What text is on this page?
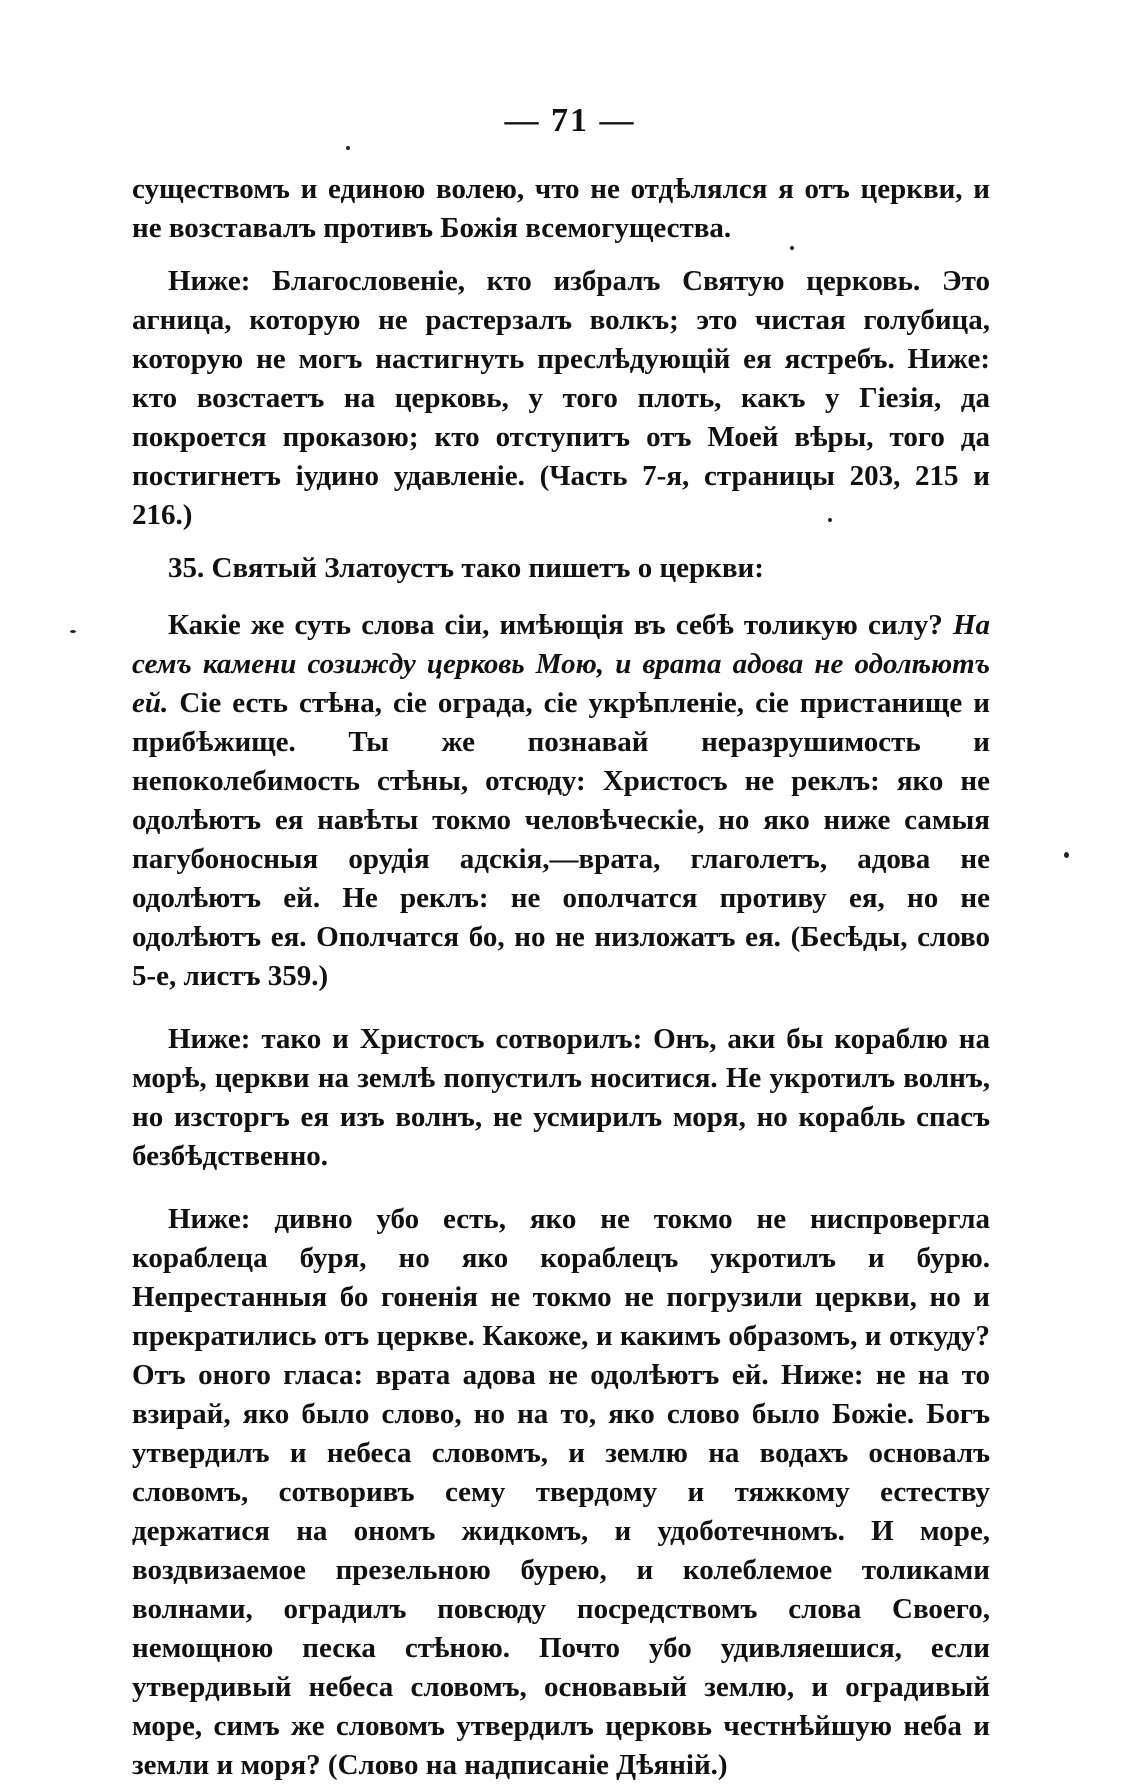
— 71 —

существомъ и единою волею, что не отдѣлялся я отъ церкви, и не возставалъ противъ Божія всемогущества.

Ниже: Благословеніе, кто избралъ Святую церковь. Это агница, которую не растерзалъ волкъ; это чистая голубица, которую не могъ настигнуть преслѣдующій ея ястребъ. Ниже: кто возстаетъ на церковь, у того плоть, какъ у Гіезія, да покроется проказою; кто отступитъ отъ Моей вѣры, того да постигнетъ іудино удавленіе. (Часть 7-я, страницы 203, 215 и 216.)

35. Святый Златоустъ тако пишетъ о церкви:

Какіе же суть слова сіи, имѣющія въ себѣ толикую силу? На семъ камени созижду церковь Мою, и врата адова не одолѣютъ ей. Сіе есть стѣна, сіе ограда, сіе укрѣпленіе, сіе пристанище и прибѣжище. Ты же познавай неразрушимость и непоколебимость стѣны, отсюду: Христосъ не реклъ: яко не одолѣютъ ея навѣты токмо человѣческіе, но яко ниже самыя пагубоносныя орудія адскія,—врата, глаголетъ, адова не одолѣютъ ей. Не реклъ: не ополчатся противу ея, но не одолѣютъ ея. Ополчатся бо, но не низложатъ ея. (Бесѣды, слово 5-е, листъ 359.)

Ниже: тако и Христосъ сотворилъ: Онъ, аки бы кораблю на морѣ, церкви на землѣ попустилъ носитися. Не укротилъ волнъ, но изсторгъ ея изъ волнъ, не усмирилъ моря, но корабль спасъ безбѣдственно.

Ниже: дивно убо есть, яко не токмо не ниспровергла кораблеца буря, но яко кораблецъ укротилъ и бурю. Непрестанныя бо гоненія не токмо не погрузили церкви, но и прекратились отъ церкве. Какоже, и какимъ образомъ, и откуду? Отъ оного гласа: врата адова не одолѣютъ ей. Ниже: не на то взирай, яко было слово, но на то, яко слово было Божіе. Богъ утвердилъ и небеса словомъ, и землю на водахъ основалъ словомъ, сотворивъ сему твердому и тяжкому естеству держатися на ономъ жидкомъ, и удоботечномъ. И море, воздвизаемое презельною бурею, и колеблемое толиками волнами, оградилъ повсюду посредствомъ слова Своего, немощною песка стѣною. Почто убо удивляешися, если утвердивый небеса словомъ, основавый землю, и оградивый море, симъ же словомъ утвердилъ церковь честнѣйшую неба и земли и моря? (Слово на надписаніе Дѣяній.)
